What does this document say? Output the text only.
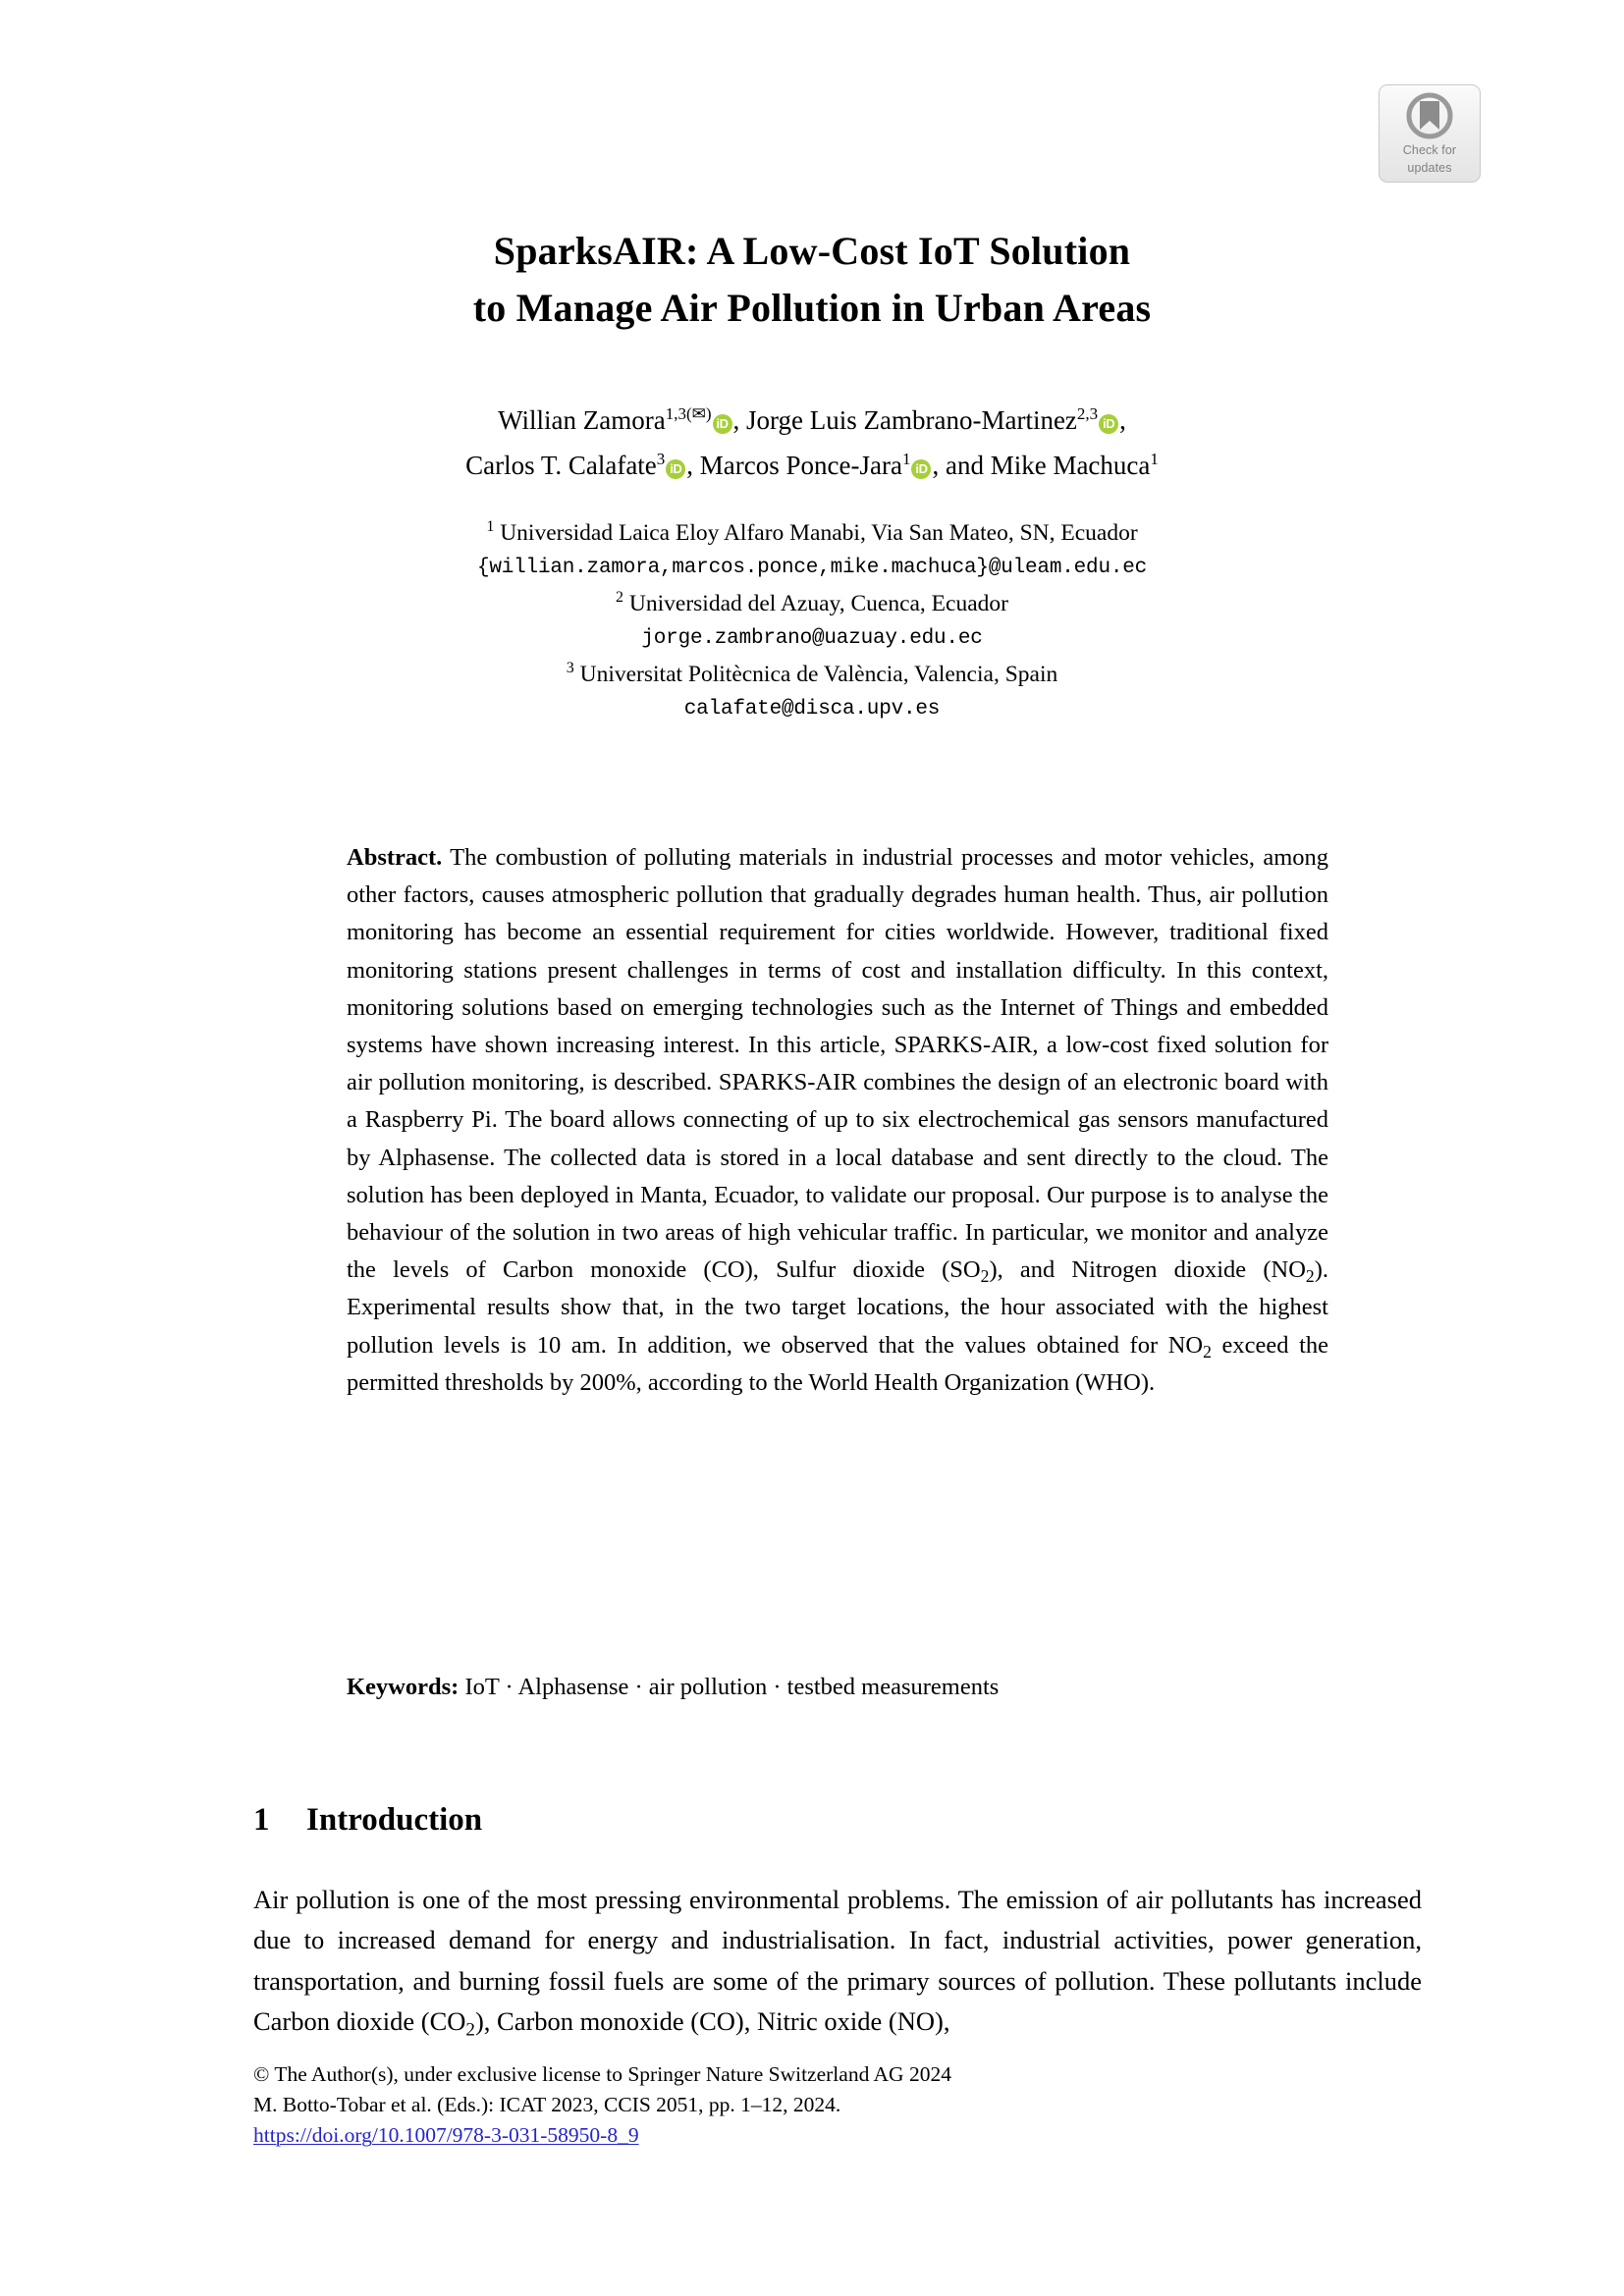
Check for
updates
SparksAIR: A Low-Cost IoT Solution
to Manage Air Pollution in Urban Areas
Willian Zamora$^{1,3(✉)}$iD , Jorge Luis Zambrano-Martinez$^{2,3}$iD ,
Carlos T. Calafate$^3$iD , Marcos Ponce-Jara$^1$iD , and Mike Machuca$^1$
$^1$ Universidad Laica Eloy Alfaro Manabi, Via San Mateo, SN, Ecuador
{willian.zamora,marcos.ponce,mike.machuca}@uleam.edu.ec
$^2$ Universidad del Azuay, Cuenca, Ecuador
jorge.zambrano@uazuay.edu.ec
$^3$ Universitat Politècnica de València, Valencia, Spain
calafate@disca.upv.es
Abstract. The combustion of polluting materials in industrial processes and motor vehicles, among other factors, causes atmospheric pollution that gradually degrades human health. Thus, air pollution monitoring has become an essential requirement for cities worldwide. However, traditional fixed monitoring stations present challenges in terms of cost and installation difficulty. In this context, monitoring solutions based on emerging technologies such as the Internet of Things and embedded systems have shown increasing interest. In this article, SPARKS-AIR, a low-cost fixed solution for air pollution monitoring, is described. SPARKS-AIR combines the design of an electronic board with a Raspberry Pi. The board allows connecting of up to six electrochemical gas sensors manufactured by Alphasense. The collected data is stored in a local database and sent directly to the cloud. The solution has been deployed in Manta, Ecuador, to validate our proposal. Our purpose is to analyse the behaviour of the solution in two areas of high vehicular traffic. In particular, we monitor and analyze the levels of Carbon monoxide (CO), Sulfur dioxide $(SO_2)$, and Nitrogen dioxide $(NO_2)$. Experimental results show that, in the two target locations, the hour associated with the highest pollution levels is 10 am. In addition, we observed that the values obtained for $NO_2$ exceed the permitted thresholds by 200%, according to the World Health Organization (WHO).
Keywords: IoT · Alphasense · air pollution · testbed measurements
1 Introduction

Air pollution is one of the most pressing environmental problems. The emission of air pollutants has increased due to increased demand for energy and industrialisation. In fact, industrial activities, power generation, transportation, and burning fossil fuels are some of the primary sources of pollution. These pollutants include Carbon dioxide $(CO_2)$, Carbon monoxide (CO), Nitric oxide (NO),

© The Author(s), under exclusive license to Springer Nature Switzerland AG 2024
M. Botto-Tobar et al. (Eds.): ICAT 2023, CCIS 2051, pp. 1–12, 2024.
https://doi.org/10.1007/978-3-031-58950-8_9
